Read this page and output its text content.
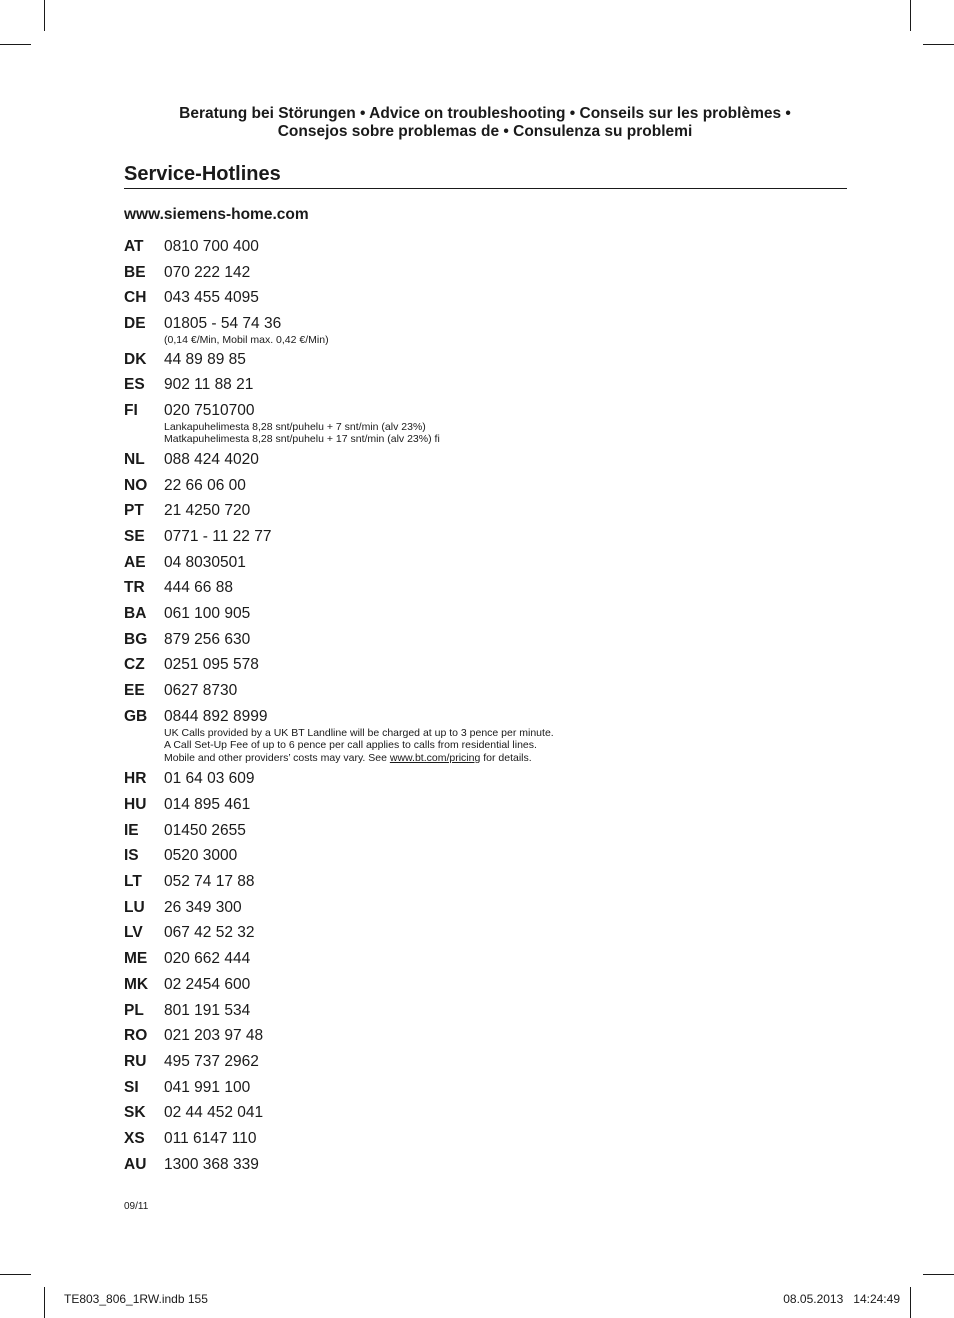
Beratung bei Störungen • Advice on troubleshooting • Conseils sur les problèmes •
Consejos sobre problemas de • Consulenza su problemi
Service-Hotlines
www.siemens-home.com
AT	0810 700 400
BE	070 222 142
CH	043 455 4095
DE	01805 - 54 74 36
(0,14 €/Min, Mobil max. 0,42 €/Min)
DK	44 89 89 85
ES	902 11 88 21
FI	020 7510700
Lankapuhelimesta 8,28 snt/puhelu + 7 snt/min (alv 23%)
Matkapuhelimesta 8,28 snt/puhelu + 17 snt/min (alv 23%) fi
NL	088 424 4020
NO	22 66 06 00
PT	21 4250 720
SE	0771 - 11 22 77
AE	04 8030501
TR	444 66 88
BA	061 100 905
BG	879 256 630
CZ	0251 095 578
EE	0627 8730
GB	0844 892 8999
UK Calls provided by a UK BT Landline will be charged at up to 3 pence per minute.
A Call Set-Up Fee of up to 6 pence per call applies to calls from residential lines.
Mobile and other providers’ costs may vary. See www.bt.com/pricing for details.
HR	01 64 03 609
HU	014 895 461
IE	01450 2655
IS	0520 3000
LT	052 74 17 88
LU	26 349 300
LV	067 42 52 32
ME	020 662 444
MK	02 2454 600
PL	801 191 534
RO	021 203 97 48
RU	495 737 2962
SI	041 991 100
SK	02 44 452 041
XS	011 6147 110
AU	1300 368 339
09/11
TE803_806_1RW.indb 155	08.05.2013   14:24:49
